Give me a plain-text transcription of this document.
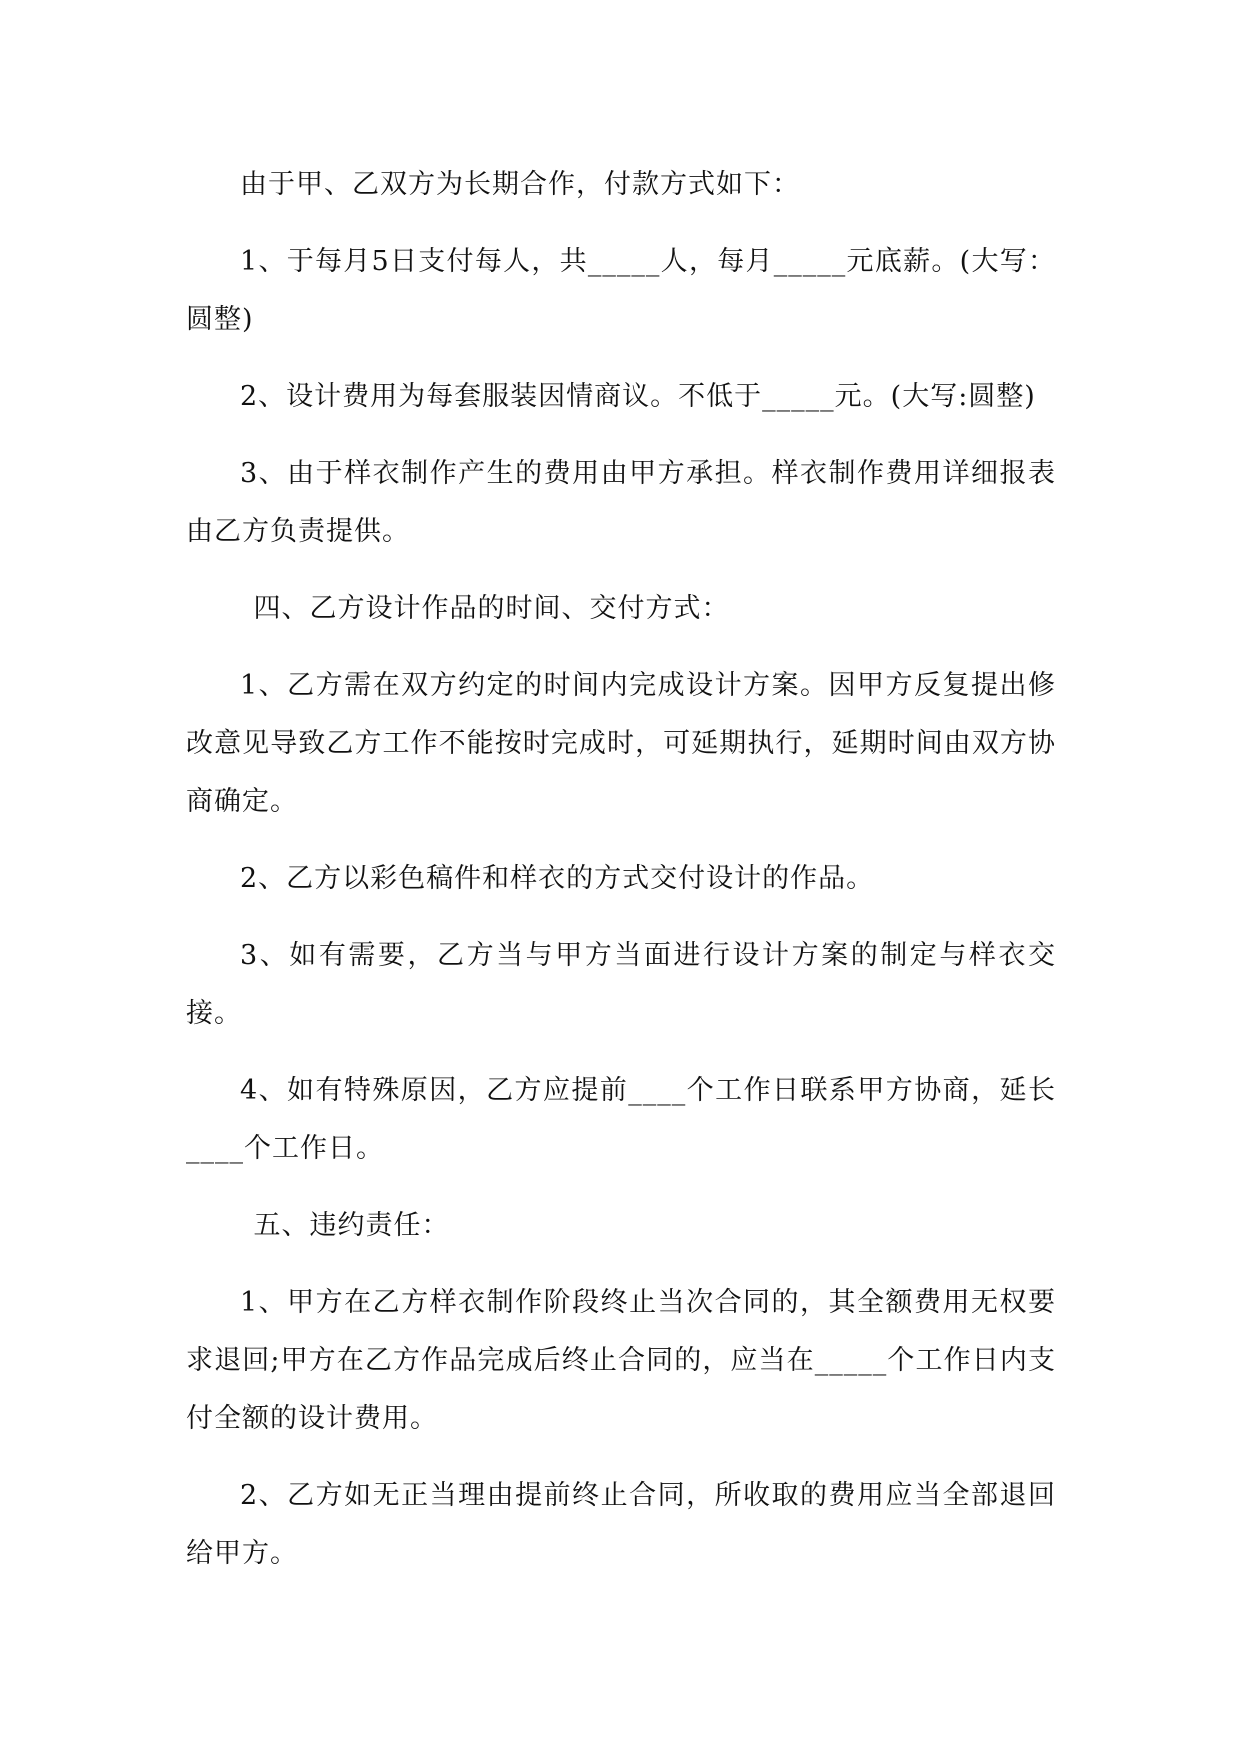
由于甲、乙双方为长期合作，付款方式如下：

1、于每月5日支付每人，共_____人，每月_____元底薪。(大写：圆整)

2、设计费用为每套服装因情商议。不低于_____元。(大写:圆整)

3、由于样衣制作产生的费用由甲方承担。样衣制作费用详细报表由乙方负责提供。

四、乙方设计作品的时间、交付方式：

1、乙方需在双方约定的时间内完成设计方案。因甲方反复提出修改意见导致乙方工作不能按时完成时，可延期执行，延期时间由双方协商确定。

2、乙方以彩色稿件和样衣的方式交付设计的作品。

3、如有需要，乙方当与甲方当面进行设计方案的制定与样衣交接。

4、如有特殊原因，乙方应提前____个工作日联系甲方协商，延长____个工作日。

五、违约责任：

1、甲方在乙方样衣制作阶段终止当次合同的，其全额费用无权要求退回;甲方在乙方作品完成后终止合同的，应当在_____个工作日内支付全额的设计费用。

2、乙方如无正当理由提前终止合同，所收取的费用应当全部退回给甲方。
